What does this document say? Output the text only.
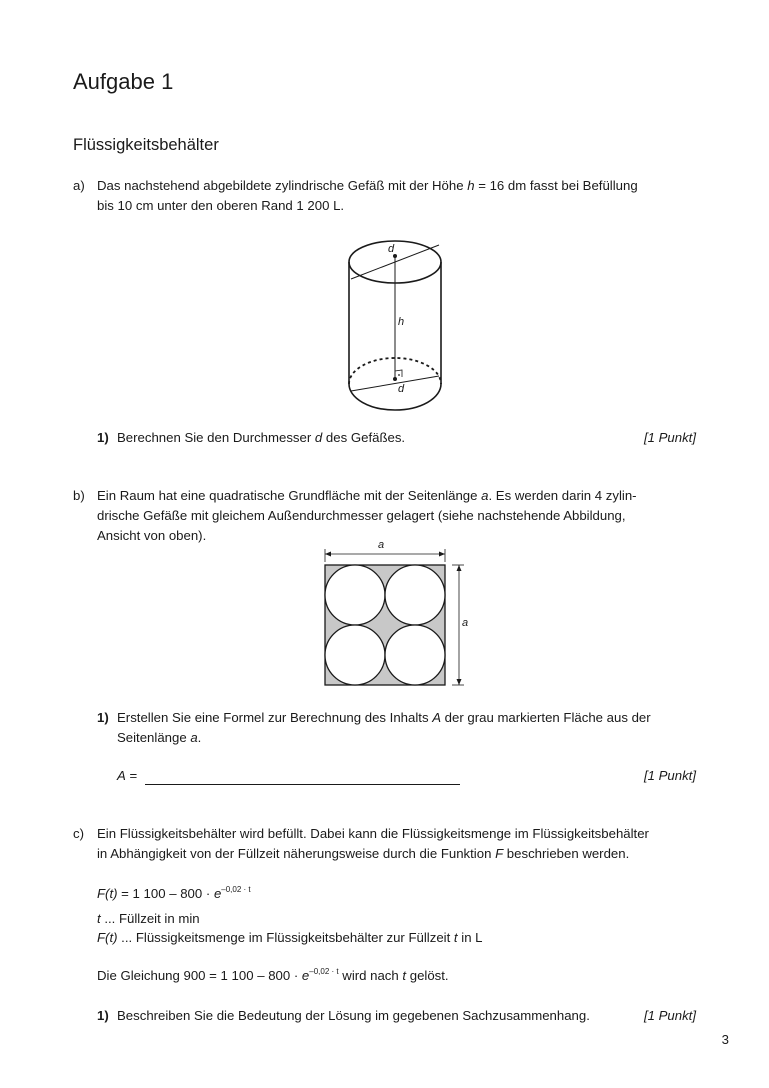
Aufgabe 1
Flüssigkeitsbehälter
a) Das nachstehend abgebildete zylindrische Gefäß mit der Höhe h = 16 dm fasst bei Befüllung
bis 10 cm unter den oberen Rand 1 200 L.
d
h
d
1) Berechnen Sie den Durchmesser d des Gefäßes.	[1 Punkt]
b) Ein Raum hat eine quadratische Grundfläche mit der Seitenlänge a. Es werden darin 4 zylin-
drische Gefäße mit gleichem Außendurchmesser gelagert (siehe nachstehende Abbildung,
Ansicht von oben).
a
a
1) Erstellen Sie eine Formel zur Berechnung des Inhalts A der grau markierten Fläche aus der
Seitenlänge a.
A =	[1 Punkt]
c) Ein Flüssigkeitsbehälter wird befüllt. Dabei kann die Flüssigkeitsmenge im Flüssigkeitsbehälter
in Abhängigkeit von der Füllzeit näherungsweise durch die Funktion F beschrieben werden.
F(t) = 1 $100 - 800 \cdot e^{-0,02 \cdot t}$
t ... Füllzeit in min
F(t) ... Flüssigkeitsmenge im Flüssigkeitsbehälter zur Füllzeit t in L
Die Gleichung 900 = 1 $100 - 800 \cdot e^{-0,02 \cdot t}$ wird nach t gelöst.
1) Beschreiben Sie die Bedeutung der Lösung im gegebenen Sachzusammenhang.	[1 Punkt]
3
